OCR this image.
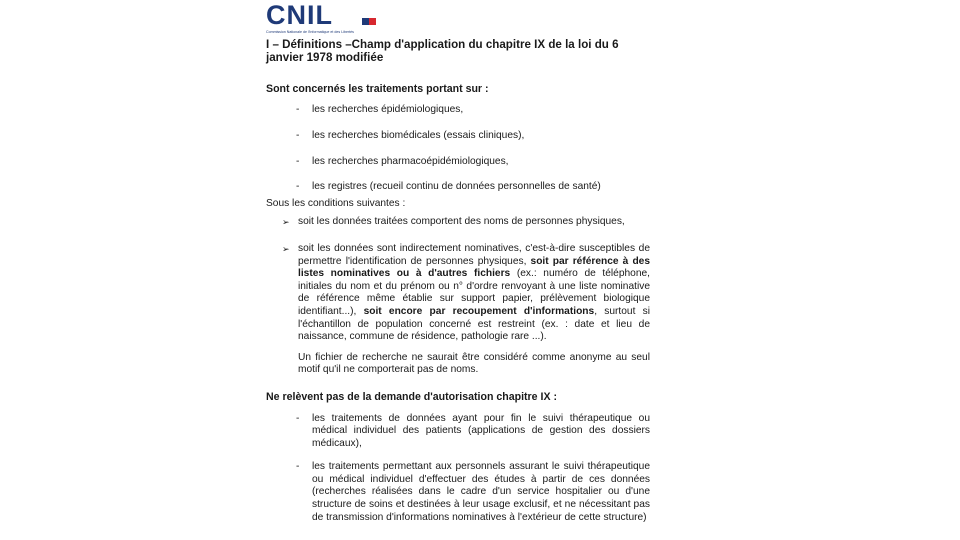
CNIL
Commission Nationale de l'Informatique et des Libertés
I – Définitions –Champ d'application du chapitre IX de la loi du 6 janvier 1978 modifiée
Sont concernés les traitements portant sur :
- les recherches épidémiologiques,
- les recherches biomédicales (essais cliniques),
- les recherches pharmacoépidémiologiques,
- les registres (recueil continu de données personnelles de santé)
Sous les conditions suivantes :
➢ soit les données traitées comportent des noms de personnes physiques,
➢ soit les données sont indirectement nominatives, c'est-à-dire susceptibles de permettre l'identification de personnes physiques, soit par référence à des listes nominatives ou à d'autres fichiers (ex.: numéro de téléphone, initiales du nom et du prénom ou n° d'ordre renvoyant à une liste nominative de référence même établie sur support papier, prélèvement biologique identifiant...), soit encore par recoupement d'informations, surtout si l'échantillon de population concerné est restreint (ex. : date et lieu de naissance, commune de résidence, pathologie rare ...).
Un fichier de recherche ne saurait être considéré comme anonyme au seul motif qu'il ne comporterait pas de noms.
Ne relèvent pas de la demande d'autorisation chapitre IX :
- les traitements de données ayant pour fin le suivi thérapeutique ou médical individuel des patients (applications de gestion des dossiers médicaux),
- les traitements permettant aux personnels assurant le suivi thérapeutique ou médical individuel d'effectuer des études à partir de ces données (recherches réalisées dans le cadre d'un service hospitalier ou d'une structure de soins et destinées à leur usage exclusif, et ne nécessitant pas de transmission d'informations nominatives à l'extérieur de cette structure)
